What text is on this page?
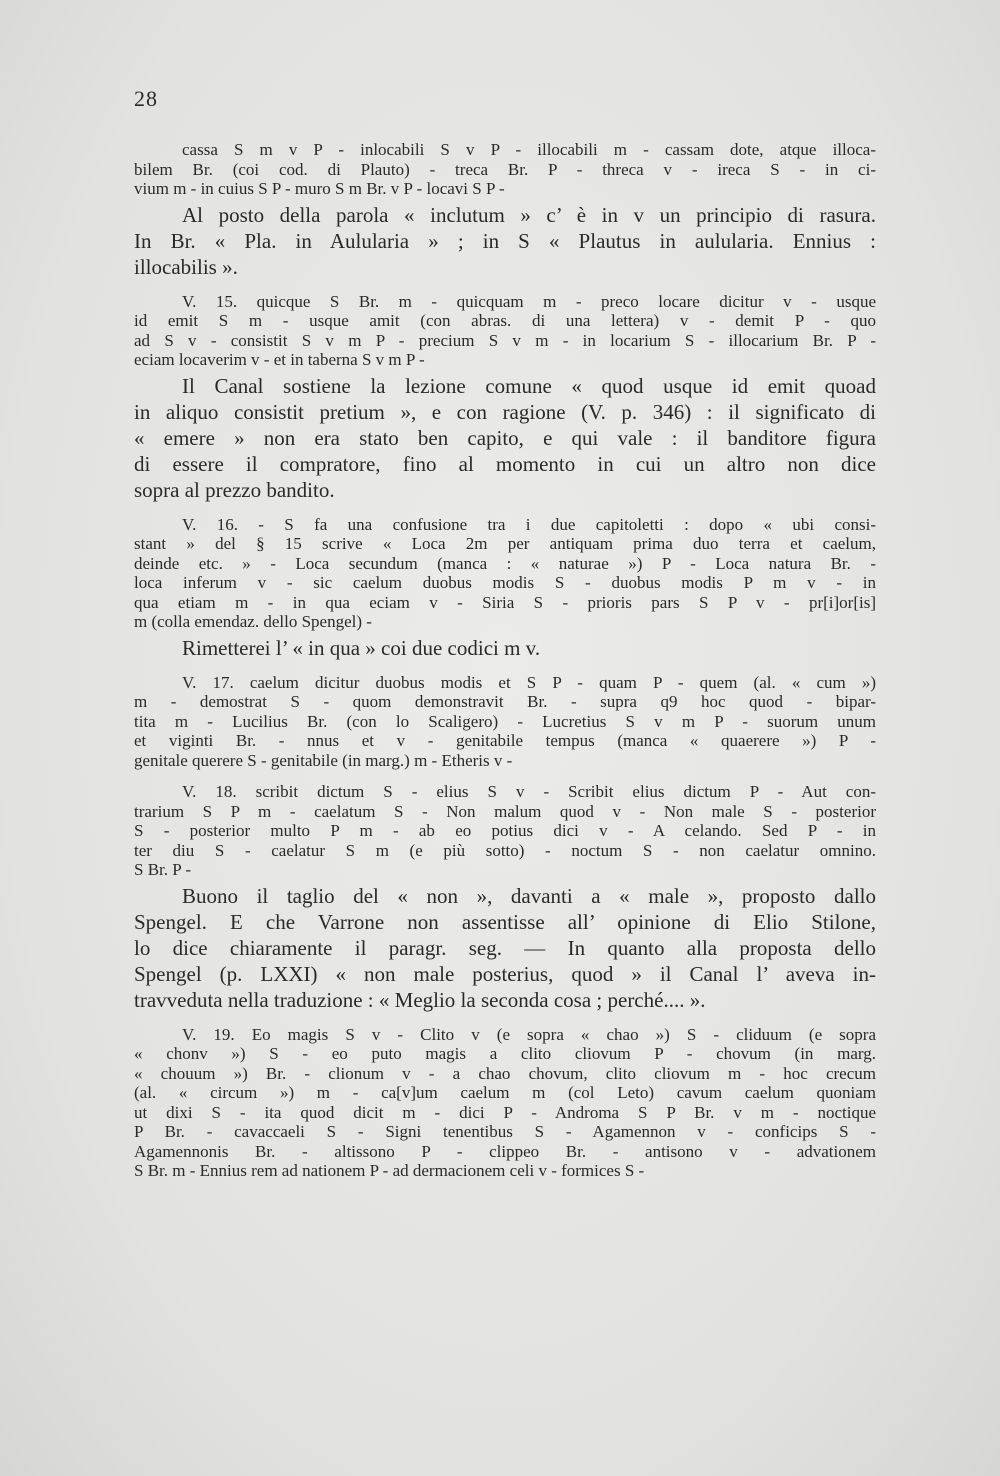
28
cassa S m v P - inlocabili S v P - illocabili m - cassam dote, atque illoca-
bilem Br. (coi cod. di Plauto) - treca Br. P - threca v - ireca S - in ci-
vium m - in cuius S P - muro S m Br. v P - locavi S P -
Al posto della parola « inclutum » c’ è in v un principio di rasura.
In Br. « Pla. in Aulularia » ; in S « Plautus in aulularia. Ennius :
illocabilis ».
V. 15. quicque S Br. m - quicquam m - preco locare dicitur v - usque
id emit S m - usque amit (con abras. di una lettera) v - demit P - quo
ad S v - consistit S v m P - precium S v m - in locarium S - illocarium Br. P -
eciam locaverim v - et in taberna S v m P -
Il Canal sostiene la lezione comune « quod usque id emit quoad
in aliquo consistit pretium », e con ragione (V. p. 346) : il significato di
« emere » non era stato ben capito, e qui vale : il banditore figura
di essere il compratore, fino al momento in cui un altro non dice
sopra al prezzo bandito.
V. 16. - S fa una confusione tra i due capitoletti : dopo « ubi consi-
stant » del § 15 scrive « Loca 2m per antiquam prima duo terra et caelum,
deinde etc. » - Loca secundum (manca : « naturae ») P - Loca natura Br. -
loca inferum v - sic caelum duobus modis S - duobus modis P m v - in
qua etiam m - in qua eciam v - Siria S - prioris pars S P v - pr[i]or[is]
m (colla emendaz. dello Spengel) -
Rimetterei l’ « in qua » coi due codici m v.
V. 17. caelum dicitur duobus modis et S P - quam P - quem (al. « cum »)
m - demostrat S - quom demonstravit Br. - supra q9 hoc quod - bipar-
tita m - Lucilius Br. (con lo Scaligero) - Lucretius S v m P - suorum unum
et viginti Br. - nnus et v - genitabile tempus (manca « quaerere ») P -
genitale querere S - genitabile (in marg.) m - Etheris v -
V. 18. scribit dictum S - elius S v - Scribit elius dictum P - Aut con-
trarium S P m - caelatum S - Non malum quod v - Non male S - posterior
S - posterior multo P m - ab eo potius dici v - A celando. Sed P - in
ter diu S - caelatur S m (e più sotto) - noctum S - non caelatur omnino.
S Br. P -
Buono il taglio del « non », davanti a « male », proposto dallo
Spengel. E che Varrone non assentisse all’ opinione di Elio Stilone,
lo dice chiaramente il paragr. seg. — In quanto alla proposta dello
Spengel (p. LXXI) « non male posterius, quod » il Canal l’ aveva in-
travveduta nella traduzione : « Meglio la seconda cosa ; perché.... ».
V. 19. Eo magis S v - Clito v (e sopra « chao ») S - cliduum (e sopra
« chonv ») S - eo puto magis a clito cliovum P - chovum (in marg.
« chouum ») Br. - clionum v - a chao chovum, clito cliovum m - hoc crecum
(al. « circum ») m - ca[v]um caelum m (col Leto) cavum caelum quoniam
ut dixi S - ita quod dicit m - dici P - Androma S P Br. v m - noctique
P Br. - cavaccaeli S - Signi tenentibus S - Agamennon v - conficips S -
Agamennonis Br. - altissono P - clippeo Br. - antisono v - advationem
S Br. m - Ennius rem ad nationem P - ad dermacionem celi v - formices S -
